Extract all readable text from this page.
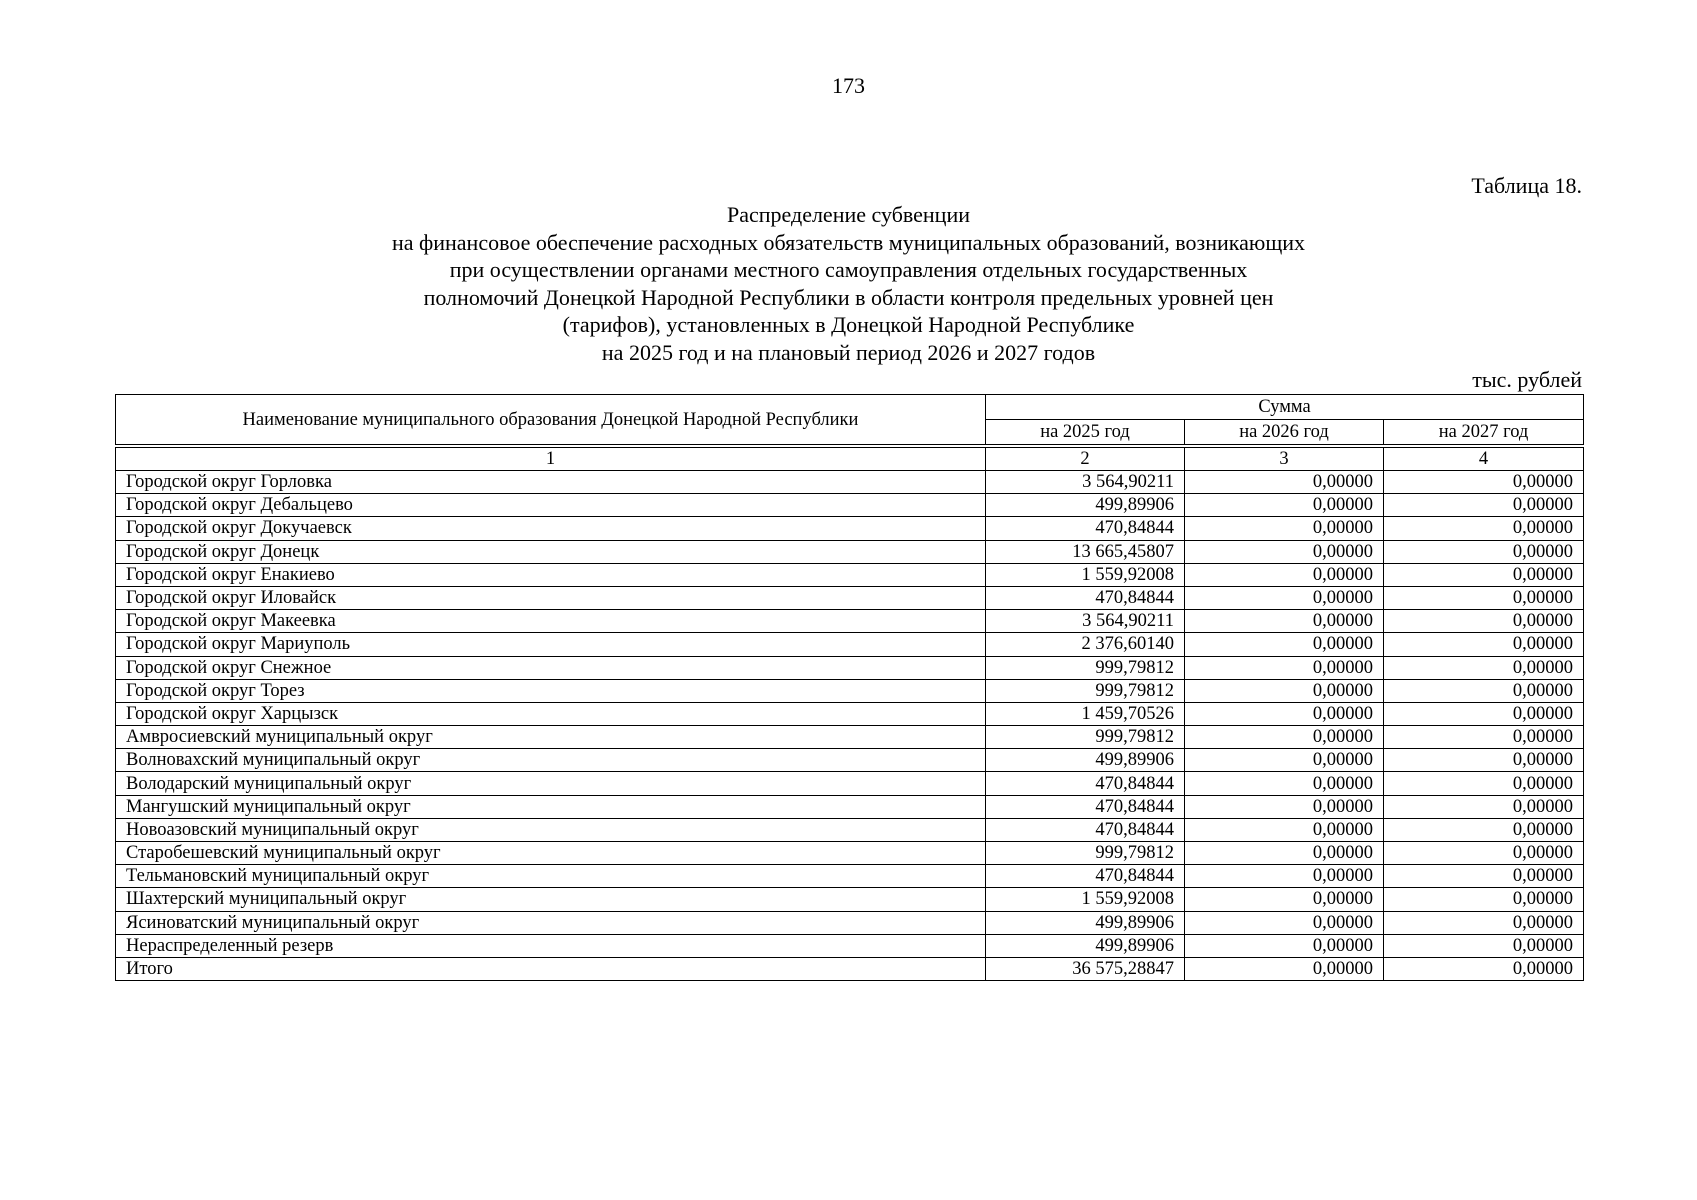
173
Таблица 18.
Распределение субвенции
на финансовое обеспечение расходных обязательств муниципальных образований, возникающих
при осуществлении органами местного самоуправления отдельных государственных
полномочий Донецкой Народной Республики в области контроля предельных уровней цен
(тарифов), установленных в Донецкой Народной Республике
на 2025 год и на плановый период 2026 и 2027 годов
тыс. рублей
Наименование муниципального образования Донецкой Народной Республики	Сумма		
	на 2025 год	на 2026 год	на 2027 год
1	2	3	4
Городской округ Горловка	3 564,90211	0,00000	0,00000
Городской округ Дебальцево	499,89906	0,00000	0,00000
Городской округ Докучаевск	470,84844	0,00000	0,00000
Городской округ Донецк	13 665,45807	0,00000	0,00000
Городской округ Енакиево	1 559,92008	0,00000	0,00000
Городской округ Иловайск	470,84844	0,00000	0,00000
Городской округ Макеевка	3 564,90211	0,00000	0,00000
Городской округ Мариуполь	2 376,60140	0,00000	0,00000
Городской округ Снежное	999,79812	0,00000	0,00000
Городской округ Торез	999,79812	0,00000	0,00000
Городской округ Харцызск	1 459,70526	0,00000	0,00000
Амвросиевский муниципальный округ	999,79812	0,00000	0,00000
Волновахский муниципальный округ	499,89906	0,00000	0,00000
Володарский муниципальный округ	470,84844	0,00000	0,00000
Мангушский муниципальный округ	470,84844	0,00000	0,00000
Новоазовский муниципальный округ	470,84844	0,00000	0,00000
Старобешевский муниципальный округ	999,79812	0,00000	0,00000
Тельмановский муниципальный округ	470,84844	0,00000	0,00000
Шахтерский муниципальный округ	1 559,92008	0,00000	0,00000
Ясиноватский муниципальный округ	499,89906	0,00000	0,00000
Нераспределенный резерв	499,89906	0,00000	0,00000
Итого	36 575,28847	0,00000	0,00000
